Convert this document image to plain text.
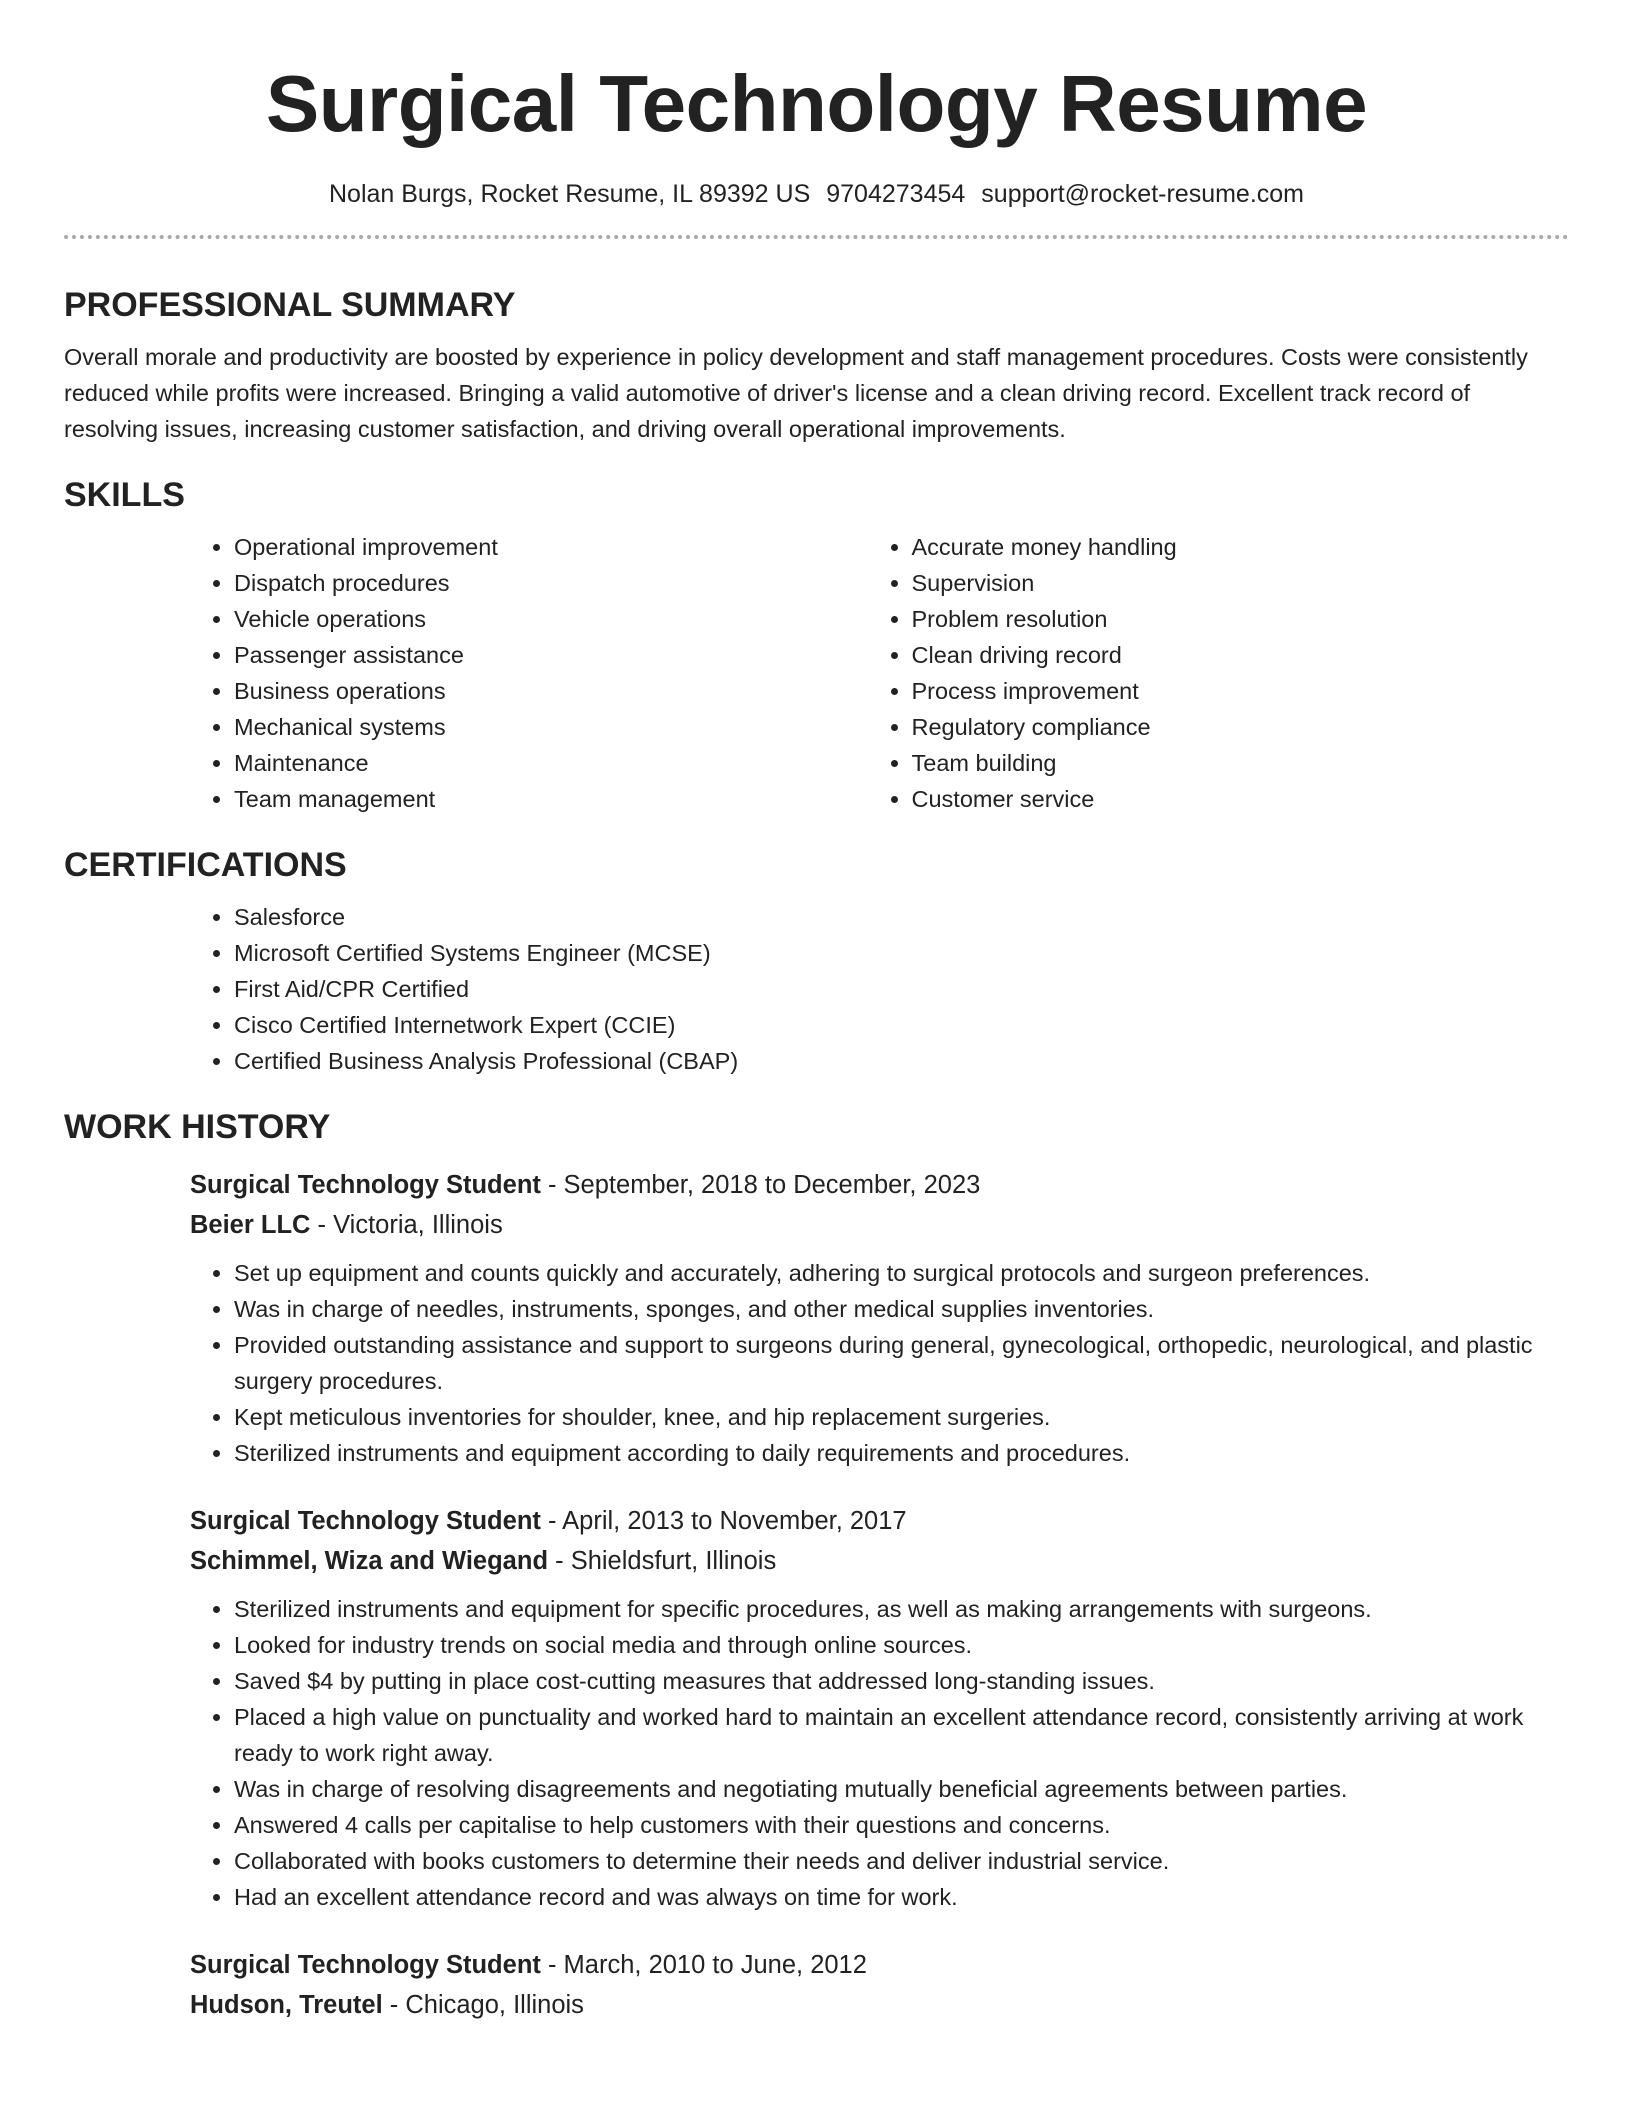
Surgical Technology Resume
Nolan Burgs, Rocket Resume, IL 89392 US 9704273454 support@rocket-resume.com
PROFESSIONAL SUMMARY

Overall morale and productivity are boosted by experience in policy development and staff management procedures. Costs were consistently reduced while profits were increased. Bringing a valid automotive of driver's license and a clean driving record. Excellent track record of resolving issues, increasing customer satisfaction, and driving overall operational improvements.

SKILLS
• Operational improvement
• Dispatch procedures
• Vehicle operations
• Passenger assistance
• Business operations
• Mechanical systems
• Maintenance
• Team management
• Accurate money handling
• Supervision
• Problem resolution
• Clean driving record
• Process improvement
• Regulatory compliance
• Team building
• Customer service
CERTIFICATIONS
• Salesforce
• Microsoft Certified Systems Engineer (MCSE)
• First Aid/CPR Certified
• Cisco Certified Internetwork Expert (CCIE)
• Certified Business Analysis Professional (CBAP)
WORK HISTORY
Surgical Technology Student - September, 2018 to December, 2023
Beier LLC - Victoria, Illinois
• Set up equipment and counts quickly and accurately, adhering to surgical protocols and surgeon preferences.
• Was in charge of needles, instruments, sponges, and other medical supplies inventories.
• Provided outstanding assistance and support to surgeons during general, gynecological, orthopedic, neurological, and plastic surgery procedures.
• Kept meticulous inventories for shoulder, knee, and hip replacement surgeries.
• Sterilized instruments and equipment according to daily requirements and procedures.
Surgical Technology Student - April, 2013 to November, 2017
Schimmel, Wiza and Wiegand - Shieldsfurt, Illinois
• Sterilized instruments and equipment for specific procedures, as well as making arrangements with surgeons.
• Looked for industry trends on social media and through online sources.
• Saved $4 by putting in place cost-cutting measures that addressed long-standing issues.
• Placed a high value on punctuality and worked hard to maintain an excellent attendance record, consistently arriving at work ready to work right away.
• Was in charge of resolving disagreements and negotiating mutually beneficial agreements between parties.
• Answered 4 calls per capitalise to help customers with their questions and concerns.
• Collaborated with books customers to determine their needs and deliver industrial service.
• Had an excellent attendance record and was always on time for work.
Surgical Technology Student - March, 2010 to June, 2012
Hudson, Treutel - Chicago, Illinois
